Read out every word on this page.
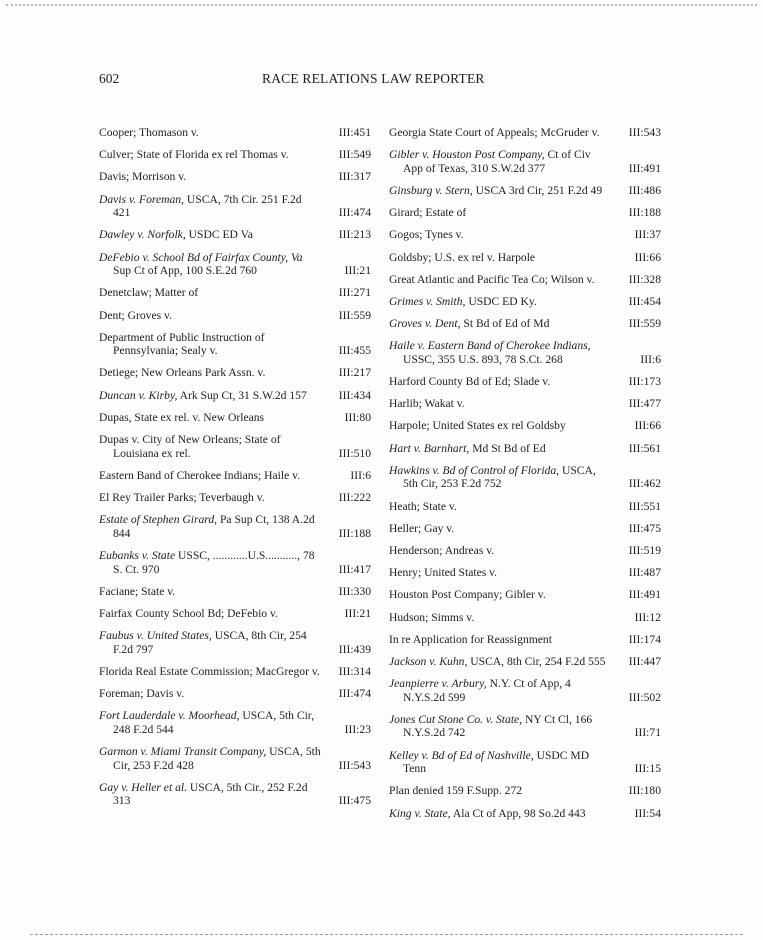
602	RACE RELATIONS LAW REPORTER
Cooper; Thomason v.	III:451
Culver; State of Florida ex rel Thomas v.	III:549
Davis; Morrison v.	III:317
Davis v. Foreman, USCA, 7th Cir. 251 F.2d 421	III:474
Dawley v. Norfolk, USDC ED Va	III:213
DeFebio v. School Bd of Fairfax County, Va Sup Ct of App, 100 S.E.2d 760	III:21
Denetclaw; Matter of	III:271
Dent; Groves v.	III:559
Department of Public Instruction of Pennsylvania; Sealy v.	III:455
Detiege; New Orleans Park Assn. v.	III:217
Duncan v. Kirby, Ark Sup Ct, 31 S.W.2d 157	III:434
Dupas, State ex rel. v. New Orleans	III:80
Dupas v. City of New Orleans; State of Louisiana ex rel.	III:510
Eastern Band of Cherokee Indians; Haile v.	III:6
El Rey Trailer Parks; Teverbaugh v.	III:222
Estate of Stephen Girard, Pa Sup Ct, 138 A.2d 844	III:188
Eubanks v. State USSC, ............U.S..........., 78 S. Ct. 970	III:417
Faciane; State v.	III:330
Fairfax County School Bd; DeFebio v.	III:21
Faubus v. United States, USCA, 8th Cir, 254 F.2d 797	III:439
Florida Real Estate Commission; MacGregor v.	III:314
Foreman; Davis v.	III:474
Fort Lauderdale v. Moorhead, USCA, 5th Cir, 248 F.2d 544	III:23
Garmon v. Miami Transit Company, USCA, 5th Cir, 253 F.2d 428	III:543
Gay v. Heller et al. USCA, 5th Cir., 252 F.2d 313	III:475
Georgia State Court of Appeals; McGruder v.	III:543
Gibler v. Houston Post Company, Ct of Civ App of Texas, 310 S.W.2d 377	III:491
Ginsburg v. Stern, USCA 3rd Cir, 251 F.2d 49	III:486
Girard; Estate of	III:188
Gogos; Tynes v.	III:37
Goldsby; U.S. ex rel v. Harpole	III:66
Great Atlantic and Pacific Tea Co; Wilson v.	III:328
Grimes v. Smith, USDC ED Ky.	III:454
Groves v. Dent, St Bd of Ed of Md	III:559
Haile v. Eastern Band of Cherokee Indians, USSC, 355 U.S. 893, 78 S.Ct. 268	III:6
Harford County Bd of Ed; Slade v.	III:173
Harlib; Wakat v.	III:477
Harpole; United States ex rel Goldsby	III:66
Hart v. Barnhart, Md St Bd of Ed	III:561
Hawkins v. Bd of Control of Florida, USCA, 5th Cir, 253 F.2d 752	III:462
Heath; State v.	III:551
Heller; Gay v.	III:475
Henderson; Andreas v.	III:519
Henry; United States v.	III:487
Houston Post Company; Gibler v.	III:491
Hudson; Simms v.	III:12
In re Application for Reassignment	III:174
Jackson v. Kuhn, USCA, 8th Cir, 254 F.2d 555	III:447
Jeanpierre v. Arbury, N.Y. Ct of App, 4 N.Y.S.2d 599	III:502
Jones Cut Stone Co. v. State, NY Ct Cl, 166 N.Y.S.2d 742	III:71
Kelley v. Bd of Ed of Nashville, USDC MD Tenn	III:15
Plan denied 159 F.Supp. 272	III:180
King v. State, Ala Ct of App, 98 So.2d 443	III:54
